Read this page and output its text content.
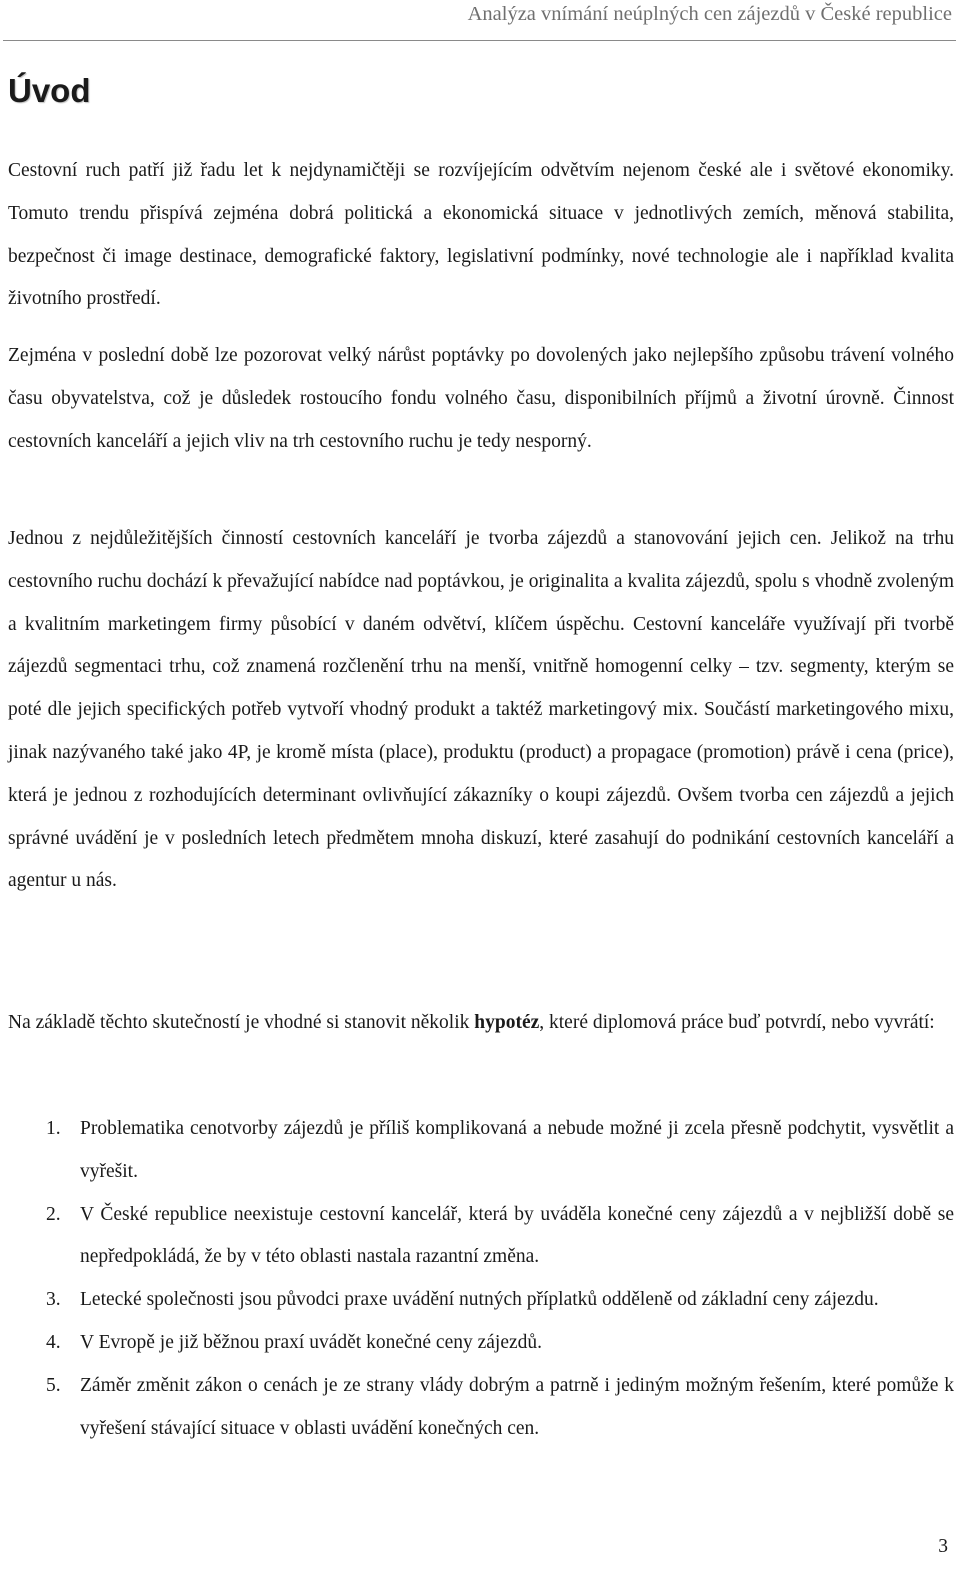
Analýza vnímání neúplných cen zájezdů v České republice
Úvod

Cestovní ruch patří již řadu let k nejdynamičtěji se rozvíjejícím odvětvím nejenom české ale i světové ekonomiky. Tomuto trendu přispívá zejména dobrá politická a ekonomická situace v jednotlivých zemích, měnová stabilita, bezpečnost či image destinace, demografické faktory, legislativní podmínky, nové technologie ale i například kvalita životního prostředí.

Zejména v poslední době lze pozorovat velký nárůst poptávky po dovolených jako nejlepšího způsobu trávení volného času obyvatelstva, což je důsledek rostoucího fondu volného času, disponibilních příjmů a životní úrovně. Činnost cestovních kanceláří a jejich vliv na trh cestovního ruchu je tedy nesporný.

Jednou z nejdůležitějších činností cestovních kanceláří je tvorba zájezdů a stanovování jejich cen. Jelikož na trhu cestovního ruchu dochází k převažující nabídce nad poptávkou, je originalita a kvalita zájezdů, spolu s vhodně zvoleným a kvalitním marketingem firmy působící v daném odvětví, klíčem úspěchu. Cestovní kanceláře využívají při tvorbě zájezdů segmentaci trhu, což znamená rozčlenění trhu na menší, vnitřně homogenní celky – tzv. segmenty, kterým se poté dle jejich specifických potřeb vytvoří vhodný produkt a taktéž marketingový mix. Součástí marketingového mixu, jinak nazývaného také jako 4P, je kromě místa (place), produktu (product) a propagace (promotion) právě i cena (price), která je jednou z rozhodujících determinant ovlivňující zákazníky o koupi zájezdů. Ovšem tvorba cen zájezdů a jejich správné uvádění je v posledních letech předmětem mnoha diskuzí, které zasahují do podnikání cestovních kanceláří a agentur u nás.

Na základě těchto skutečností je vhodné si stanovit několik hypotéz, které diplomová práce buď potvrdí, nebo vyvrátí:

1. Problematika cenotvorby zájezdů je příliš komplikovaná a nebude možné ji zcela přesně podchytit, vysvětlit a vyřešit.
2. V České republice neexistuje cestovní kancelář, která by uváděla konečné ceny zájezdů a v nejbližší době se nepředpokládá, že by v této oblasti nastala razantní změna.
3. Letecké společnosti jsou původci praxe uvádění nutných příplatků odděleně od základní ceny zájezdu.
4. V Evropě je již běžnou praxí uvádět konečné ceny zájezdů.
5. Záměr změnit zákon o cenách je ze strany vlády dobrým a patrně i jediným možným řešením, které pomůže k vyřešení stávající situace v oblasti uvádění konečných cen.
3
